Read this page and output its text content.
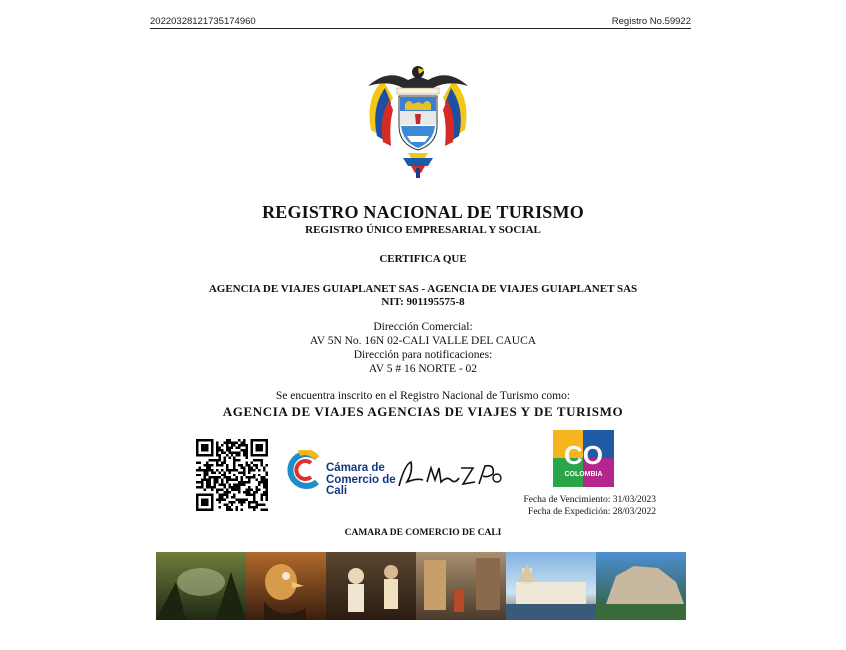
20220328121735174960	Registro No.59922
REGISTRO NACIONAL DE TURISMO
REGISTRO ÚNICO EMPRESARIAL Y SOCIAL
CERTIFICA QUE
AGENCIA DE VIAJES GUIAPLANET SAS - AGENCIA DE VIAJES GUIAPLANET SAS
NIT: 901195575-8
Dirección Comercial:
AV 5N No. 16N 02-CALI VALLE DEL CAUCA
Dirección para notificaciones:
AV 5 # 16 NORTE - 02
Se encuentra inscrito en el Registro Nacional de Turismo como:
AGENCIA DE VIAJES AGENCIAS DE VIAJES Y DE TURISMO
Cámara de
Comercio de
Cali
CO
COLOMBIA
Fecha de Vencimiento: 31/03/2023
Fecha de Expedición: 28/03/2022
CAMARA DE COMERCIO DE CALI
